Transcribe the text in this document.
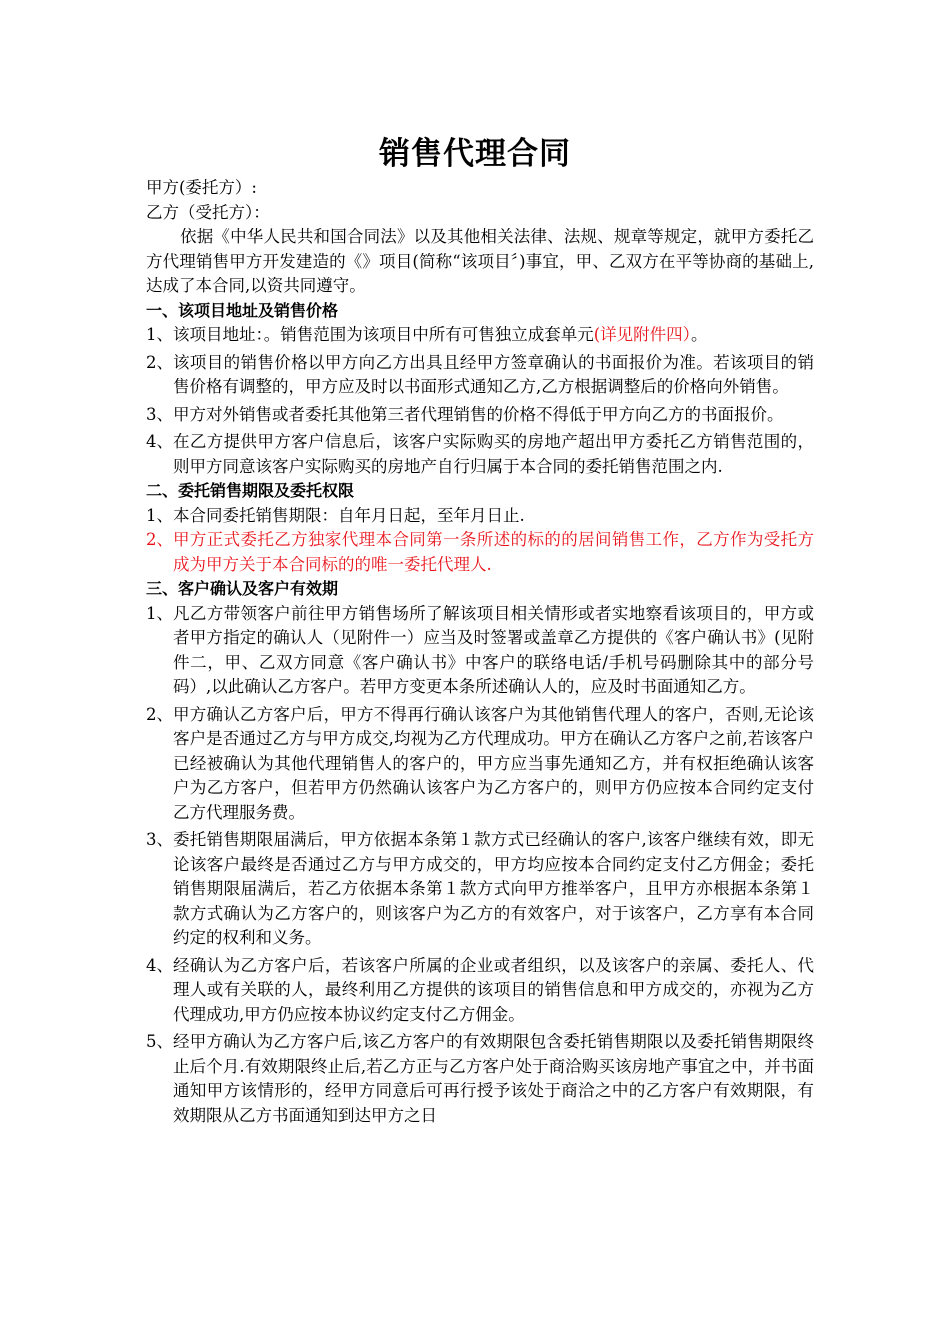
销售代理合同

甲方(委托方）:

乙方（受托方）：

依据《中华人民共和国合同法》以及其他相关法律、法规、规章等规定，就甲方委托乙方代理销售甲方开发建造的《》项目(简称“该项目〞)事宜，甲、乙双方在平等协商的基础上,达成了本合同,以资共同遵守。

一、该项目地址及销售价格

1、 该项目地址：。销售范围为该项目中所有可售独立成套单元(详见附件四）。
2、 该项目的销售价格以甲方向乙方出具且经甲方签章确认的书面报价为准。若该项目的销售价格有调整的，甲方应及时以书面形式通知乙方,乙方根据调整后的价格向外销售。
3、 甲方对外销售或者委托其他第三者代理销售的价格不得低于甲方向乙方的书面报价。
4、 在乙方提供甲方客户信息后，该客户实际购买的房地产超出甲方委托乙方销售范围的，则甲方同意该客户实际购买的房地产自行归属于本合同的委托销售范围之内.

二、委托销售期限及委托权限

1、 本合同委托销售期限：自年月日起，至年月日止.
2、 甲方正式委托乙方独家代理本合同第一条所述的标的的居间销售工作，乙方作为受托方成为甲方关于本合同标的的唯一委托代理人.

三、客户确认及客户有效期

1、 凡乙方带领客户前往甲方销售场所了解该项目相关情形或者实地察看该项目的，甲方或者甲方指定的确认人（见附件一）应当及时签署或盖章乙方提供的《客户确认书》(见附件二，甲、乙双方同意《客户确认书》中客户的联络电话/手机号码删除其中的部分号码）,以此确认乙方客户。若甲方变更本条所述确认人的，应及时书面通知乙方。
2、 甲方确认乙方客户后，甲方不得再行确认该客户为其他销售代理人的客户，否则,无论该客户是否通过乙方与甲方成交,均视为乙方代理成功。甲方在确认乙方客户之前,若该客户已经被确认为其他代理销售人的客户的，甲方应当事先通知乙方，并有权拒绝确认该客户为乙方客户，但若甲方仍然确认该客户为乙方客户的，则甲方仍应按本合同约定支付乙方代理服务费。
3、 委托销售期限届满后，甲方依据本条第１款方式已经确认的客户,该客户继续有效，即无论该客户最终是否通过乙方与甲方成交的，甲方均应按本合同约定支付乙方佣金；委托销售期限届满后，若乙方依据本条第１款方式向甲方推举客户，且甲方亦根据本条第１款方式确认为乙方客户的，则该客户为乙方的有效客户，对于该客户，乙方享有本合同约定的权利和义务。
4、 经确认为乙方客户后，若该客户所属的企业或者组织，以及该客户的亲属、委托人、代理人或有关联的人，最终利用乙方提供的该项目的销售信息和甲方成交的，亦视为乙方代理成功,甲方仍应按本协议约定支付乙方佣金。
5、 经甲方确认为乙方客户后,该乙方客户的有效期限包含委托销售期限以及委托销售期限终止后个月.有效期限终止后,若乙方正与乙方客户处于商洽购买该房地产事宜之中，并书面通知甲方该情形的，经甲方同意后可再行授予该处于商洽之中的乙方客户有效期限，有效期限从乙方书面通知到达甲方之日
